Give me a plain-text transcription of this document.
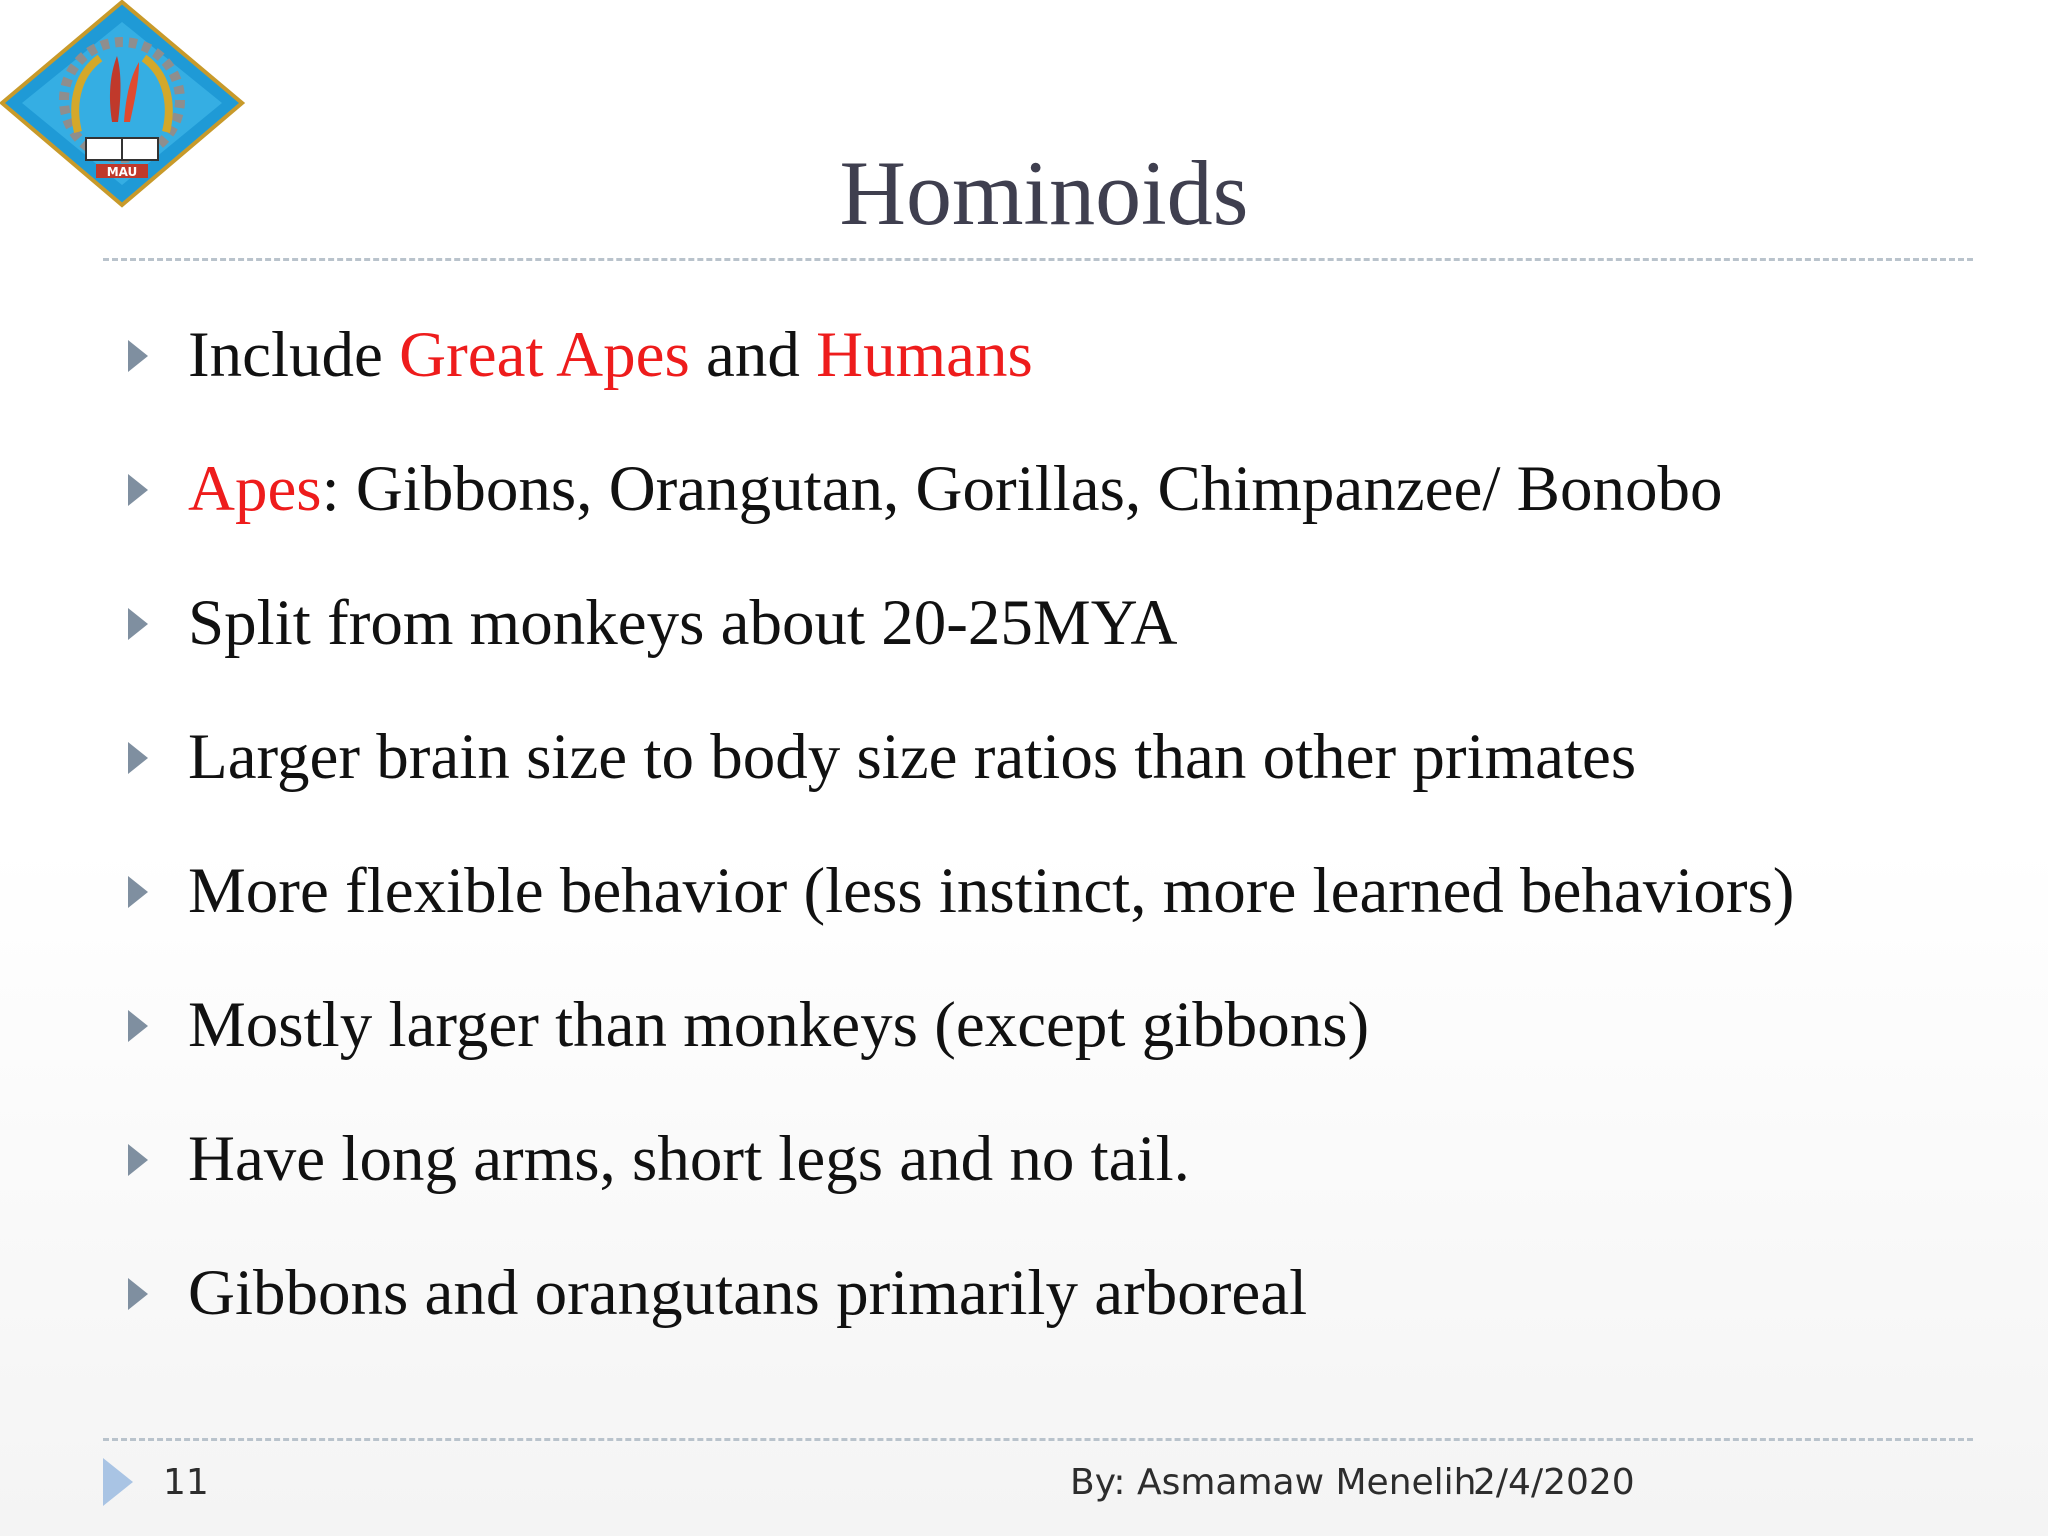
MAU	Hominoids
Include Great Apes and Humans
Apes: Gibbons, Orangutan, Gorillas, Chimpanzee/ Bonobo
Split from monkeys about 20-25MYA
Larger brain size to body size ratios than other primates
More flexible behavior (less instinct, more learned behaviors)
Mostly larger than monkeys (except gibbons)
Have long arms, short legs and no tail.
Gibbons and orangutans primarily arboreal
11	By: Asmamaw Menelih
2/4/2020
